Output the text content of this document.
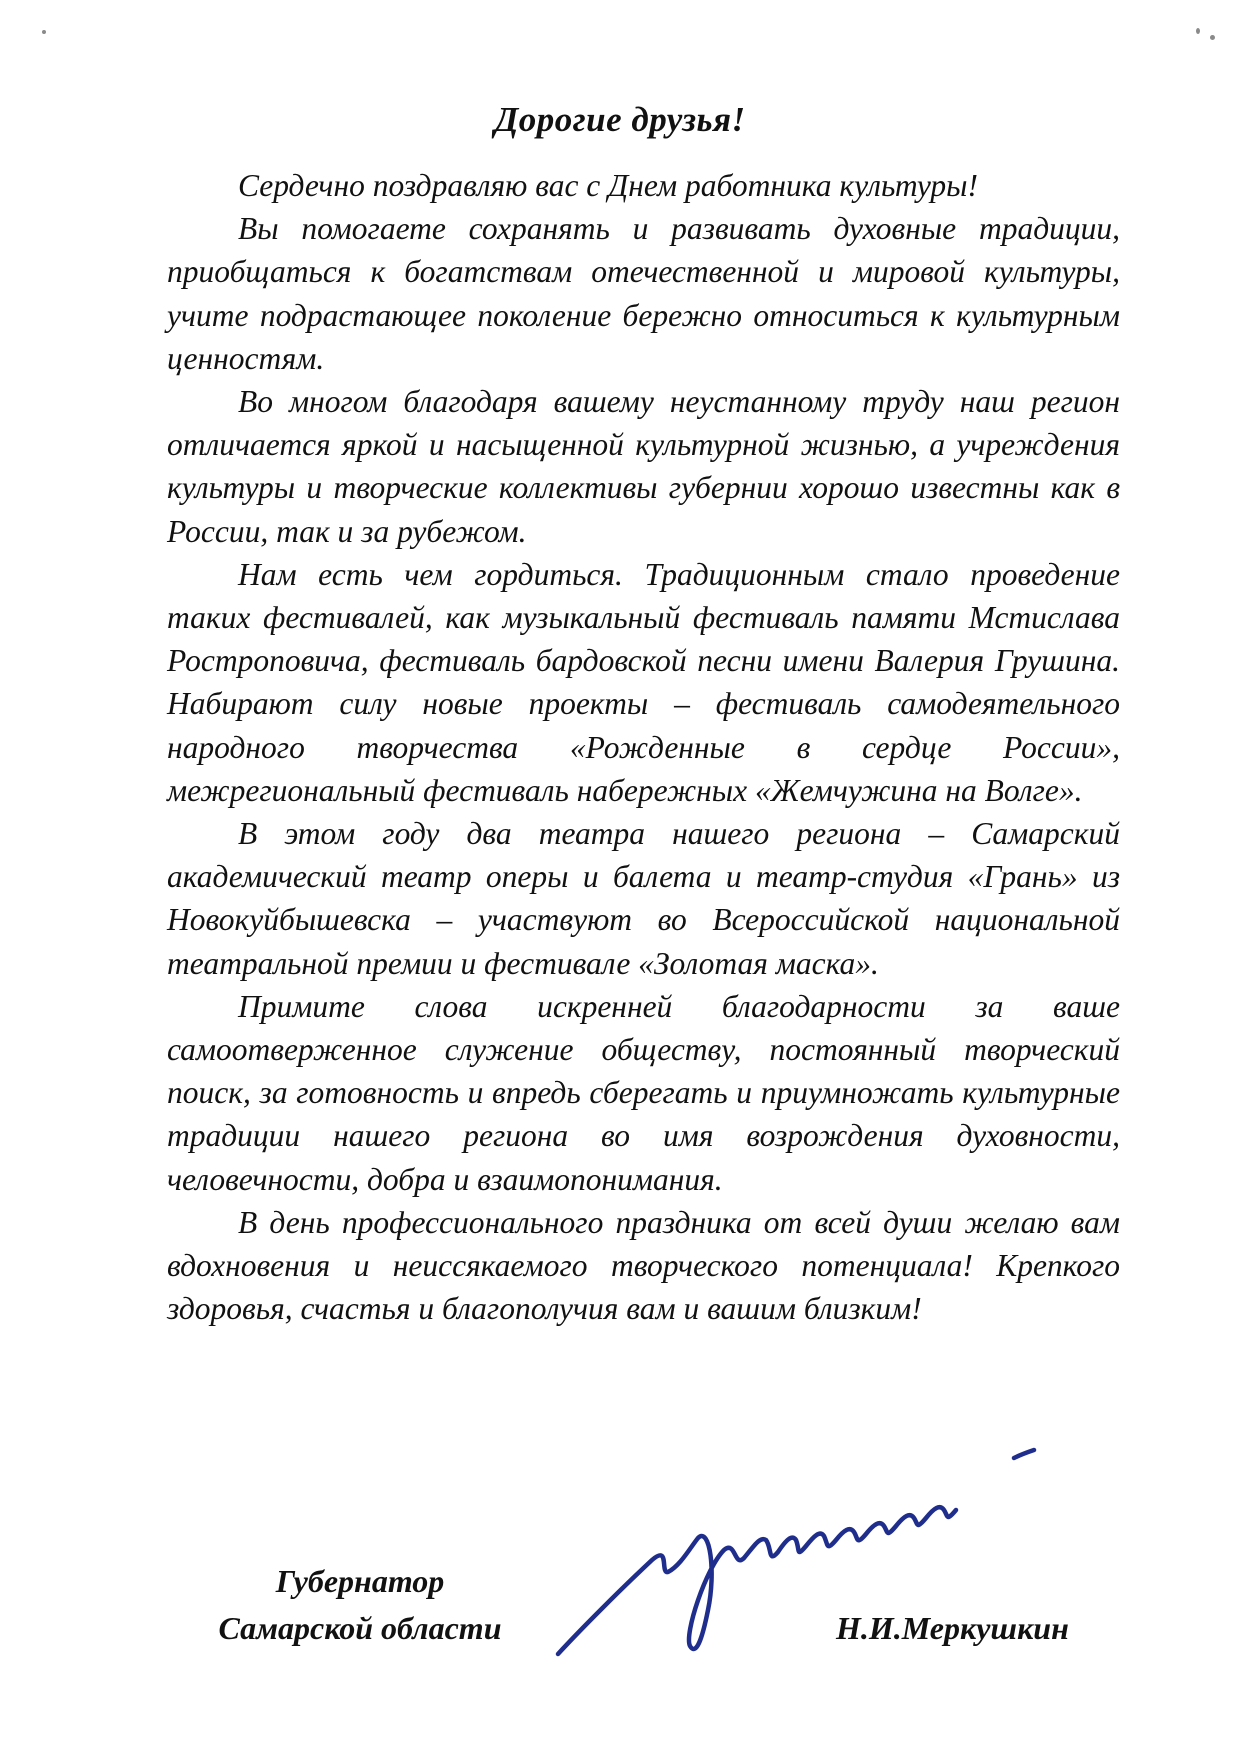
Дорогие друзья!

Сердечно поздравляю вас с Днем работника культуры!

Вы помогаете сохранять и развивать духовные традиции, приобщаться к богатствам отечественной и мировой культуры, учите подрастающее поколение бережно относиться к культурным ценностям.

Во многом благодаря вашему неустанному труду наш регион отличается яркой и насыщенной культурной жизнью, а учреждения культуры и творческие коллективы губернии хорошо известны как в России, так и за рубежом.

Нам есть чем гордиться. Традиционным стало проведение таких фестивалей, как музыкальный фестиваль памяти Мстислава Ростроповича, фестиваль бардовской песни имени Валерия Грушина. Набирают силу новые проекты – фестиваль самодеятельного народного творчества «Рожденные в сердце России», межрегиональный фестиваль набережных «Жемчужина на Волге».

В этом году два театра нашего региона – Самарский академический театр оперы и балета и театр-студия «Грань» из Новокуйбышевска – участвуют во Всероссийской национальной театральной премии и фестивале «Золотая маска».

Примите слова искренней благодарности за ваше самоотверженное служение обществу, постоянный творческий поиск, за готовность и впредь сберегать и приумножать культурные традиции нашего региона во имя возрождения духовности, человечности, добра и взаимопонимания.

В день профессионального праздника от всей души желаю вам вдохновения и неиссякаемого творческого потенциала! Крепкого здоровья, счастья и благополучия вам и вашим близким!

Губернатор
Самарской области	Н.И.Меркушкин
